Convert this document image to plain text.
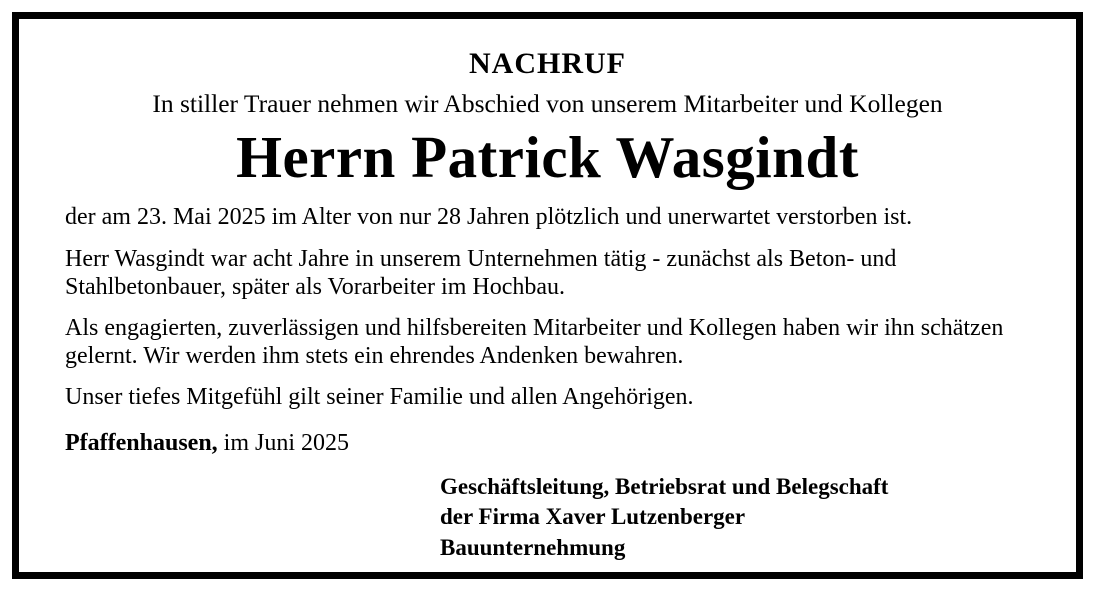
NACHRUF
In stiller Trauer nehmen wir Abschied von unserem Mitarbeiter und Kollegen
Herrn Patrick Wasgindt

der am 23. Mai 2025 im Alter von nur 28 Jahren plötzlich und unerwartet verstorben ist.

Herr Wasgindt war acht Jahre in unserem Unternehmen tätig - zunächst als Beton- und Stahlbetonbauer, später als Vorarbeiter im Hochbau.

Als engagierten, zuverlässigen und hilfsbereiten Mitarbeiter und Kollegen haben wir ihn schätzen gelernt. Wir werden ihm stets ein ehrendes Andenken bewahren.

Unser tiefes Mitgefühl gilt seiner Familie und allen Angehörigen.

Pfaffenhausen, im Juni 2025
Geschäftsleitung, Betriebsrat und Belegschaft
der Firma Xaver Lutzenberger
Bauunternehmung
